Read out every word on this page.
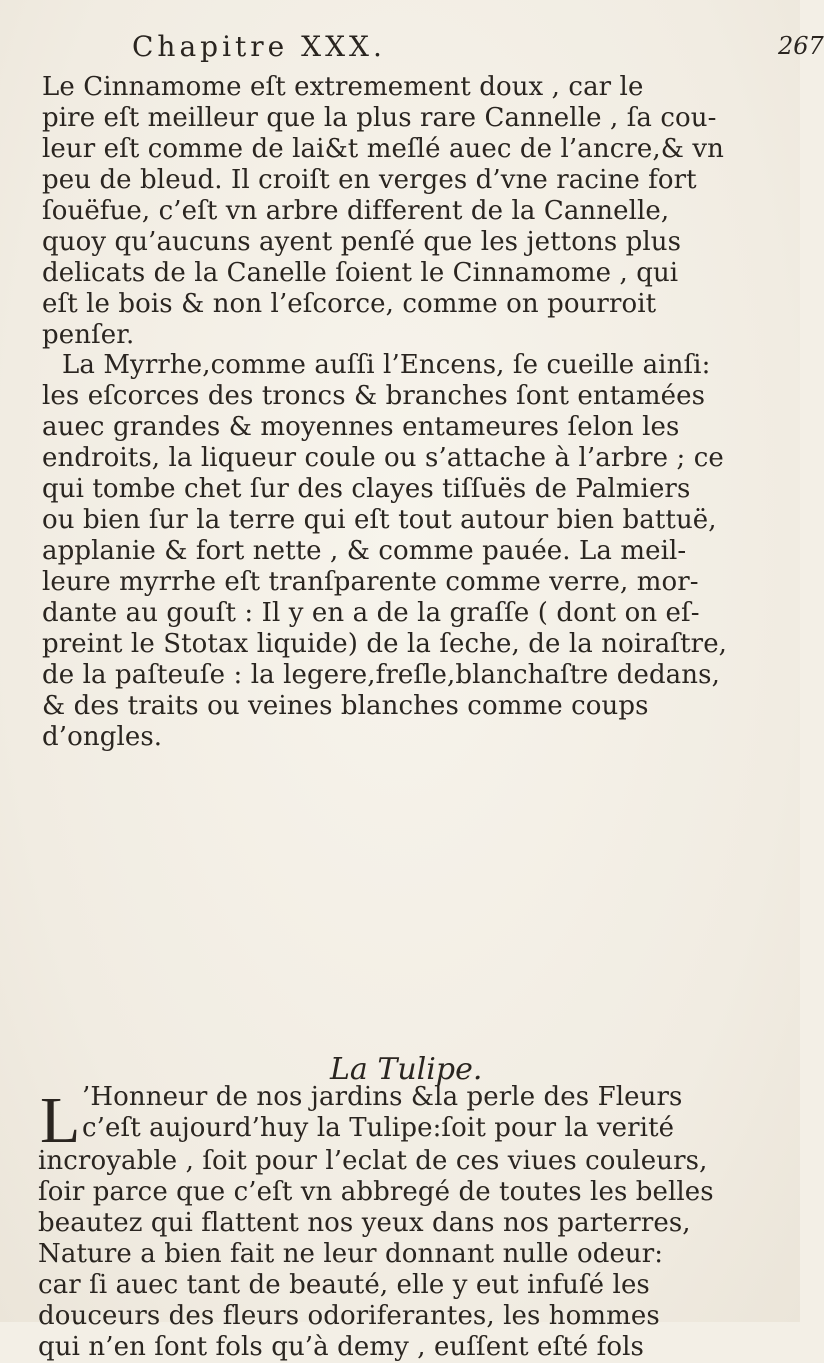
Chapitre XXX.	267
Le Cinnamome eſt extremement doux , car le
pire eſt meilleur que la plus rare Cannelle , ſa cou-
leur eſt comme de lai&t meſlé auec de l’ancre,& vn
peu de bleud. Il croiſt en verges d’vne racine fort
ſouëfue, c’eſt vn arbre different de la Cannelle,
quoy qu’aucuns ayent penſé que les jettons plus
delicats de la Canelle ſoient le Cinnamome , qui
eſt le bois & non l’eſcorce, comme on pourroit
penſer.
La Myrrhe,comme auſſi l’Encens, ſe cueille ainſi:
les eſcorces des troncs & branches ſont entamées
auec grandes & moyennes entameures ſelon les
endroits, la liqueur coule ou s’attache à l’arbre ; ce
qui tombe chet ſur des clayes tiſſuës de Palmiers
ou bien ſur la terre qui eſt tout autour bien battuë,
applanie & fort nette , & comme pauée. La meil-
leure myrrhe eſt tranſparente comme verre, mor-
dante au gouſt : Il y en a de la graſſe ( dont on eſ-
preint le Stotax liquide) de la ſeche, de la noiraſtre,
de la paſteuſe : la legere,freſle,blanchaſtre dedans,
& des traits ou veines blanches comme coups
d’ongles.
La Tulipe.
L ’Honneur de nos jardins &la perle des Fleurs
c’eſt aujourd’huy la Tulipe:ſoit pour la verité
incroyable , ſoit pour l’eclat de ces viues couleurs,
ſoir parce que c’eſt vn abbregé de toutes les belles
beautez qui flattent nos yeux dans nos parterres,
Nature a bien fait ne leur donnant nulle odeur:
car ſi auec tant de beauté, elle y eut infuſé les
douceurs des fleurs odoriferantes, les hommes
qui n’en ſont fols qu’à demy , euſſent eſté fols
